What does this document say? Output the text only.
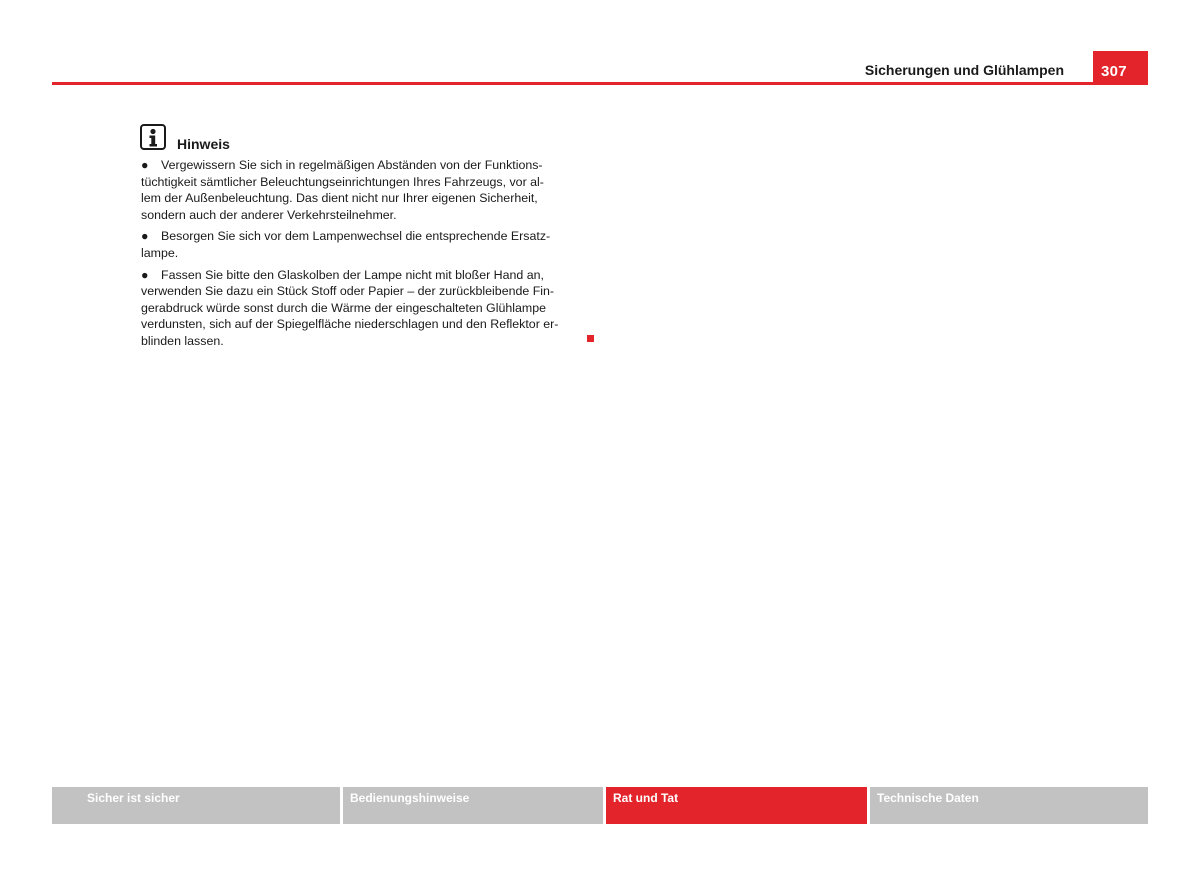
Sicherungen und Glühlampen 307
Hinweis
● Vergewissern Sie sich in regelmäßigen Abständen von der Funktions-
tüchtigkeit sämtlicher Beleuchtungseinrichtungen Ihres Fahrzeugs, vor al-
lem der Außenbeleuchtung. Das dient nicht nur Ihrer eigenen Sicherheit,
sondern auch der anderer Verkehrsteilnehmer.
● Besorgen Sie sich vor dem Lampenwechsel die entsprechende Ersatz-
lampe.
● Fassen Sie bitte den Glaskolben der Lampe nicht mit bloßer Hand an,
verwenden Sie dazu ein Stück Stoff oder Papier – der zurückbleibende Fin-
gerabdruck würde sonst durch die Wärme der eingeschalteten Glühlampe
verdunsten, sich auf der Spiegelfläche niederschlagen und den Reflektor er-
blinden lassen.
Sicher ist sicher	Bedienungshinweise	Rat und Tat	Technische Daten
